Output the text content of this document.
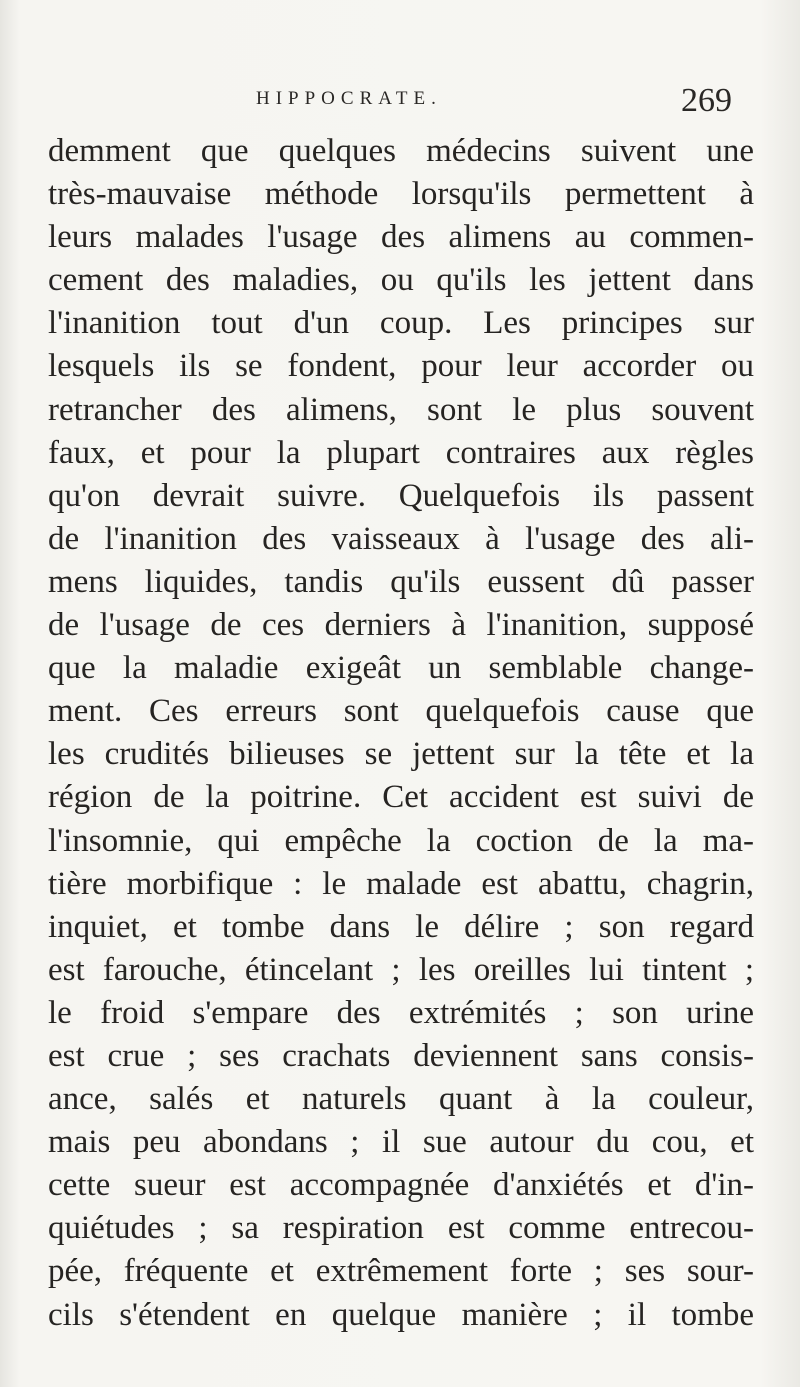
HIPPOCRATE.	269
demment que quelques médecins suivent une
très-mauvaise méthode lorsqu'ils permettent à
leurs malades l'usage des alimens au commen-
cement des maladies, ou qu'ils les jettent dans
l'inanition tout d'un coup. Les principes sur
lesquels ils se fondent, pour leur accorder ou
retrancher des alimens, sont le plus souvent
faux, et pour la plupart contraires aux règles
qu'on devrait suivre. Quelquefois ils passent
de l'inanition des vaisseaux à l'usage des ali-
mens liquides, tandis qu'ils eussent dû passer
de l'usage de ces derniers à l'inanition, supposé
que la maladie exigeât un semblable change-
ment. Ces erreurs sont quelquefois cause que
les crudités bilieuses se jettent sur la tête et la
région de la poitrine. Cet accident est suivi de
l'insomnie, qui empêche la coction de la ma-
tière morbifique : le malade est abattu, chagrin,
inquiet, et tombe dans le délire ; son regard
est farouche, étincelant ; les oreilles lui tintent ;
le froid s'empare des extrémités ; son urine
est crue ; ses crachats deviennent sans consis-
ance, salés et naturels quant à la couleur,
mais peu abondans ; il sue autour du cou, et
cette sueur est accompagnée d'anxiétés et d'in-
quiétudes ; sa respiration est comme entrecou-
pée, fréquente et extrêmement forte ; ses sour-
cils s'étendent en quelque manière ; il tombe
